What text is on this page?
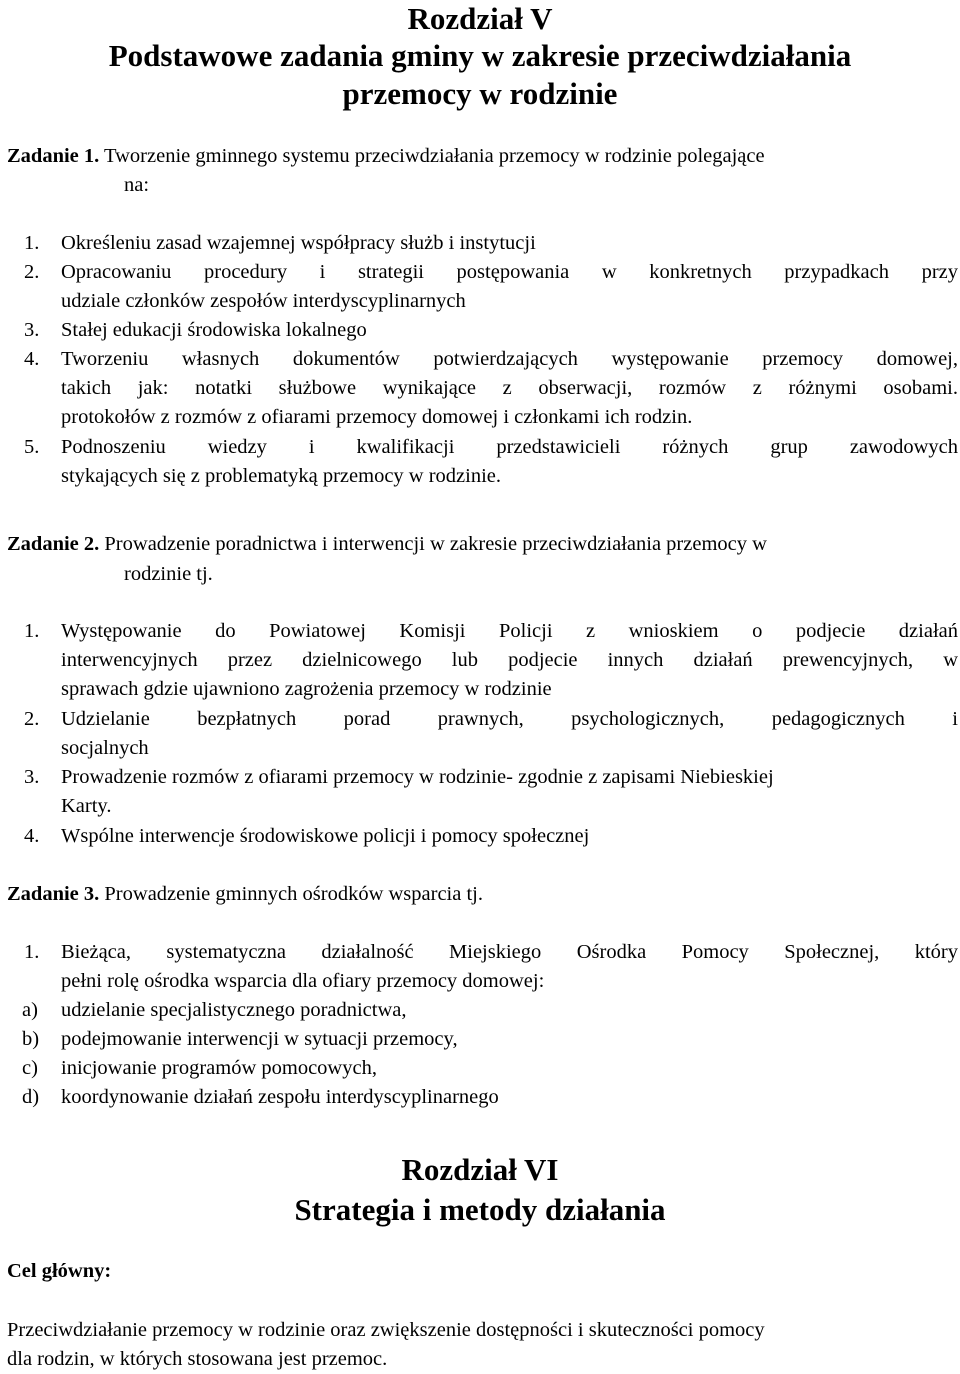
Rozdział V
Podstawowe zadania gminy w zakresie przeciwdziałania
przemocy w rodzinie
Zadanie 1. Tworzenie gminnego systemu przeciwdziałania przemocy w rodzinie polegające
na:
1. Określeniu zasad wzajemnej współpracy służb i instytucji
2. Opracowaniu procedury i strategii postępowania w konkretnych przypadkach przy
udziale członków zespołów interdyscyplinarnych
3. Stałej edukacji środowiska lokalnego
4. Tworzeniu własnych dokumentów potwierdzających występowanie przemocy domowej,
takich jak: notatki służbowe wynikające z obserwacji, rozmów z różnymi osobami.
protokołów z rozmów z ofiarami przemocy domowej i członkami ich rodzin.
5. Podnoszeniu wiedzy i kwalifikacji przedstawicieli różnych grup zawodowych
stykających się z problematyką przemocy w rodzinie.
Zadanie 2. Prowadzenie poradnictwa i interwencji w zakresie przeciwdziałania przemocy w
rodzinie tj.
1. Występowanie do Powiatowej Komisji Policji z wnioskiem o podjecie działań
interwencyjnych przez dzielnicowego lub podjecie innych działań prewencyjnych, w
sprawach gdzie ujawniono zagrożenia przemocy w rodzinie
2. Udzielanie bezpłatnych porad prawnych, psychologicznych, pedagogicznych i
socjalnych
3. Prowadzenie rozmów z ofiarami przemocy w rodzinie- zgodnie z zapisami Niebieskiej
Karty.
4. Wspólne interwencje środowiskowe policji i pomocy społecznej
Zadanie 3. Prowadzenie gminnych ośrodków wsparcia tj.
1. Bieżąca, systematyczna działalność Miejskiego Ośrodka Pomocy Społecznej, który
pełni rolę ośrodka wsparcia dla ofiary przemocy domowej:
a) udzielanie specjalistycznego poradnictwa,
b) podejmowanie interwencji w sytuacji przemocy,
c) inicjowanie programów pomocowych,
d) koordynowanie działań zespołu interdyscyplinarnego
Rozdział VI
Strategia i metody działania
Cel główny:
Przeciwdziałanie przemocy w rodzinie oraz zwiększenie dostępności i skuteczności pomocy
dla rodzin, w których stosowana jest przemoc.
